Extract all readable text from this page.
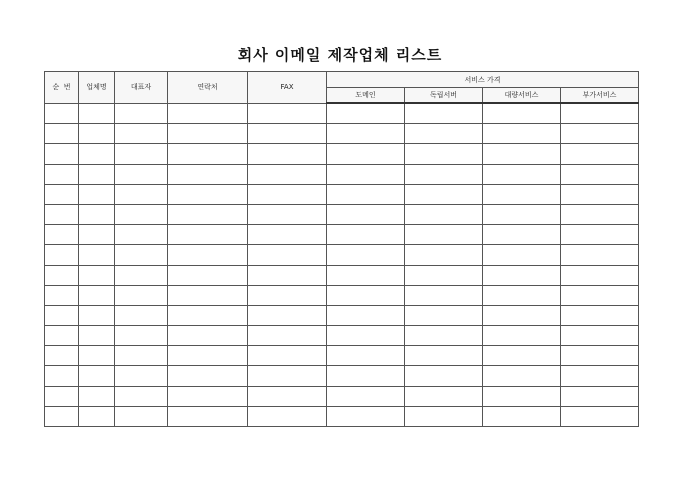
회사 이메일 제작업체 리스트
순  번	업체명	대표자	연락처	FAX	서비스 가격			
					도메인	독립서버	대량서비스	부가서비스
